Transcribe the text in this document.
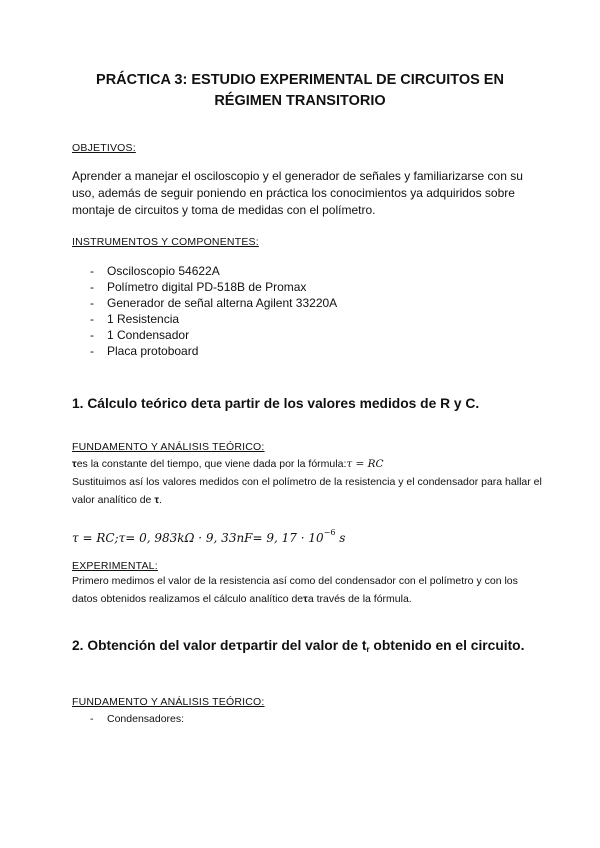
PRÁCTICA 3: ESTUDIO EXPERIMENTAL DE CIRCUITOS EN RÉGIMEN TRANSITORIO
OBJETIVOS:
Aprender a manejar el osciloscopio y el generador de señales y familiarizarse con su uso, además de seguir poniendo en práctica los conocimientos ya adquiridos sobre montaje de circuitos y toma de medidas con el polímetro.
INSTRUMENTOS Y COMPONENTES:
- Osciloscopio 54622A
- Polímetro digital PD-518B de Promax
- Generador de señal alterna Agilent 33220A
- 1 Resistencia
- 1 Condensador
- Placa protoboard
1. Cálculo teórico deτa partir de los valores medidos de R y C.
FUNDAMENTO Y ANÁLISIS TEÓRICO:
τes la constante del tiempo, que viene dada por la fórmula:τ = RC
Sustituimos así los valores medidos con el polímetro de la resistencia y el condensador para hallar el valor analítico de τ.
τ = RC;τ= 0, 983kΩ · 9, 33nF= 9, $17 \cdot 10^{-6}$ s
EXPERIMENTAL:
Primero medimos el valor de la resistencia así como del condensador con el polímetro y con los datos obtenidos realizamos el cálculo analítico deτa través de la fórmula.
2. Obtención del valor deτpartir del valor de $t_r$ obtenido en el circuito.
FUNDAMENTO Y ANÁLISIS TEÓRICO:
- Condensadores:
